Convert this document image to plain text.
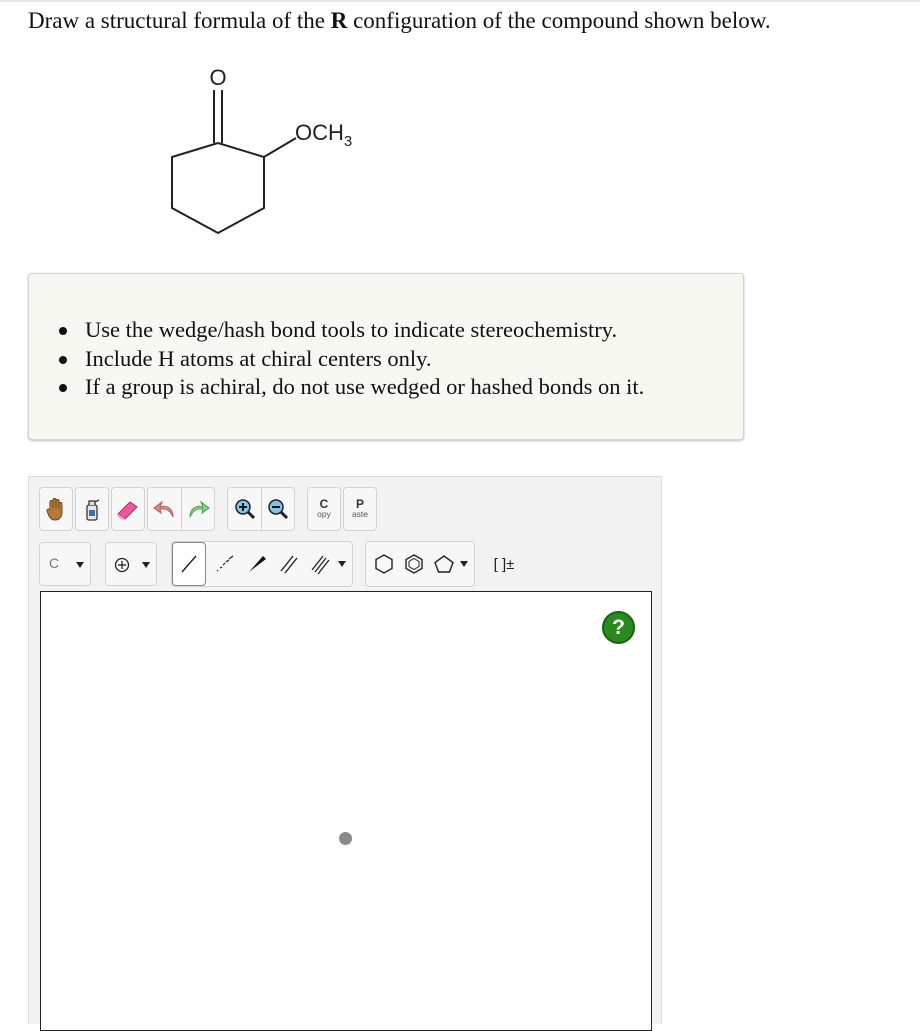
Draw a structural formula of the R configuration of the compound shown below.
O
$OCH_3$
Use the wedge/hash bond tools to indicate stereochemistry.
Include H atoms at chiral centers only.
If a group is achiral, do not use wedged or hashed bonds on it.
C
opy
P
aste
C	[ ]±
?
